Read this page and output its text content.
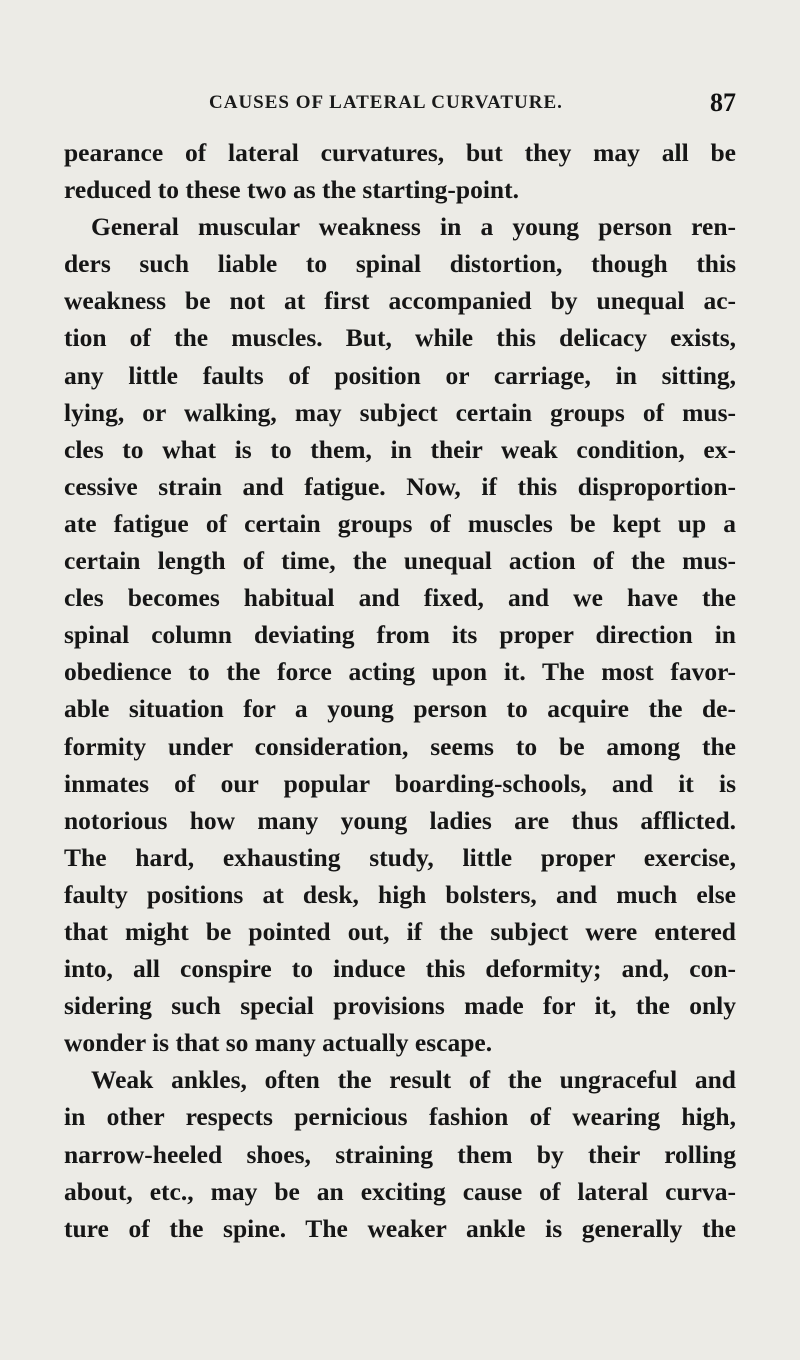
CAUSES OF LATERAL CURVATURE.	87
pearance of lateral curvatures, but they may all be
reduced to these two as the starting-point.
General muscular weakness in a young person ren-
ders such liable to spinal distortion, though this
weakness be not at first accompanied by unequal ac-
tion of the muscles. But, while this delicacy exists,
any little faults of position or carriage, in sitting,
lying, or walking, may subject certain groups of mus-
cles to what is to them, in their weak condition, ex-
cessive strain and fatigue. Now, if this disproportion-
ate fatigue of certain groups of muscles be kept up a
certain length of time, the unequal action of the mus-
cles becomes habitual and fixed, and we have the
spinal column deviating from its proper direction in
obedience to the force acting upon it. The most favor-
able situation for a young person to acquire the de-
formity under consideration, seems to be among the
inmates of our popular boarding-schools, and it is
notorious how many young ladies are thus afflicted.
The hard, exhausting study, little proper exercise,
faulty positions at desk, high bolsters, and much else
that might be pointed out, if the subject were entered
into, all conspire to induce this deformity; and, con-
sidering such special provisions made for it, the only
wonder is that so many actually escape.
Weak ankles, often the result of the ungraceful and
in other respects pernicious fashion of wearing high,
narrow-heeled shoes, straining them by their rolling
about, etc., may be an exciting cause of lateral curva-
ture of the spine. The weaker ankle is generally the
